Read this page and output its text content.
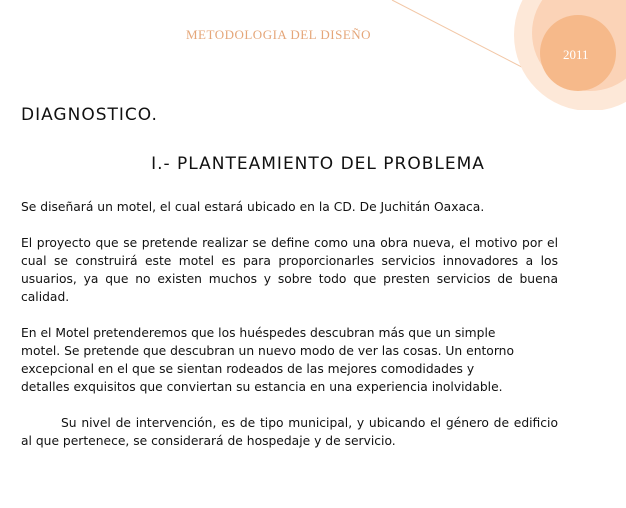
METODOLOGIA DEL DISEÑO
2011
DIAGNOSTICO.
I.- PLANTEAMIENTO DEL PROBLEMA

Se diseñará un motel, el cual estará ubicado en la CD. De Juchitán Oaxaca.

El proyecto que se pretende realizar se define como una obra nueva, el motivo por el cual se construirá este motel es para proporcionarles servicios innovadores a los usuarios, ya que no existen muchos y sobre todo que presten servicios de buena calidad.

En el Motel pretenderemos que los huéspedes descubran más que un simple motel. Se pretende que descubran un nuevo modo de ver las cosas. Un entorno excepcional en el que se sientan rodeados de las mejores comodidades y detalles exquisitos que conviertan su estancia en una experiencia inolvidable.

Su nivel de intervención, es de tipo municipal, y ubicando el género de edificio al que pertenece, se considerará de hospedaje y de servicio.
